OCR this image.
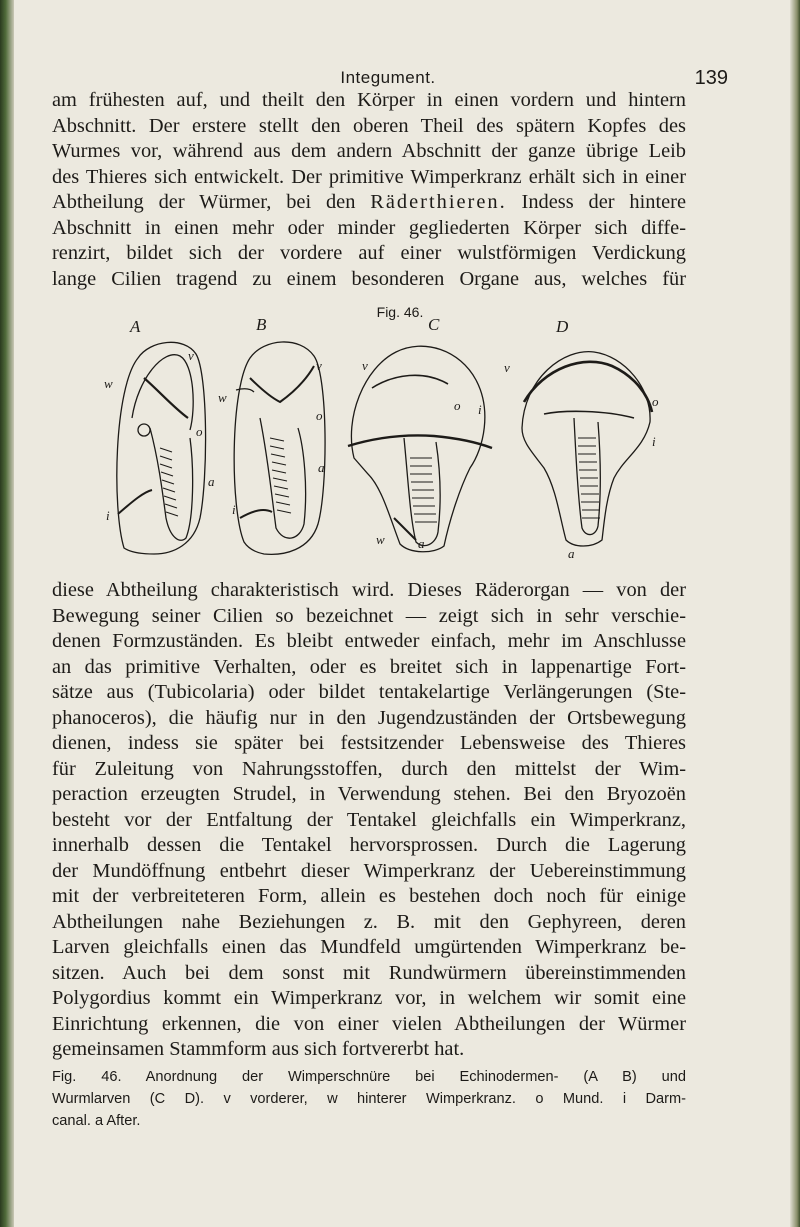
Integument.	139

am frühesten auf, und theilt den Körper in einen vordern und hintern
Abschnitt. Der erstere stellt den oberen Theil des spätern Kopfes des
Wurmes vor, während aus dem andern Abschnitt der ganze übrige Leib
des Thieres sich entwickelt. Der primitive Wimperkranz erhält sich in einer
Abtheilung der Würmer, bei den Räderthieren. Indess der hintere
Abschnitt in einen mehr oder minder gegliederten Körper sich diffe-
renzirt, bildet sich der vordere auf einer wulstförmigen Verdickung
lange Cilien tragend zu einem besonderen Organe aus, welches für

Fig. 46.
A	B	C	D
v
w
o
a
i
w
v
o
a
i
v
o i
w	a
v
o
i
a

diese Abtheilung charakteristisch wird. Dieses Räderorgan — von der
Bewegung seiner Cilien so bezeichnet — zeigt sich in sehr verschie-
denen Formzuständen. Es bleibt entweder einfach, mehr im Anschlusse
an das primitive Verhalten, oder es breitet sich in lappenartige Fort-
sätze aus (Tubicolaria) oder bildet tentakelartige Verlängerungen (Ste-
phanoceros), die häufig nur in den Jugendzuständen der Ortsbewegung
dienen, indess sie später bei festsitzender Lebensweise des Thieres
für Zuleitung von Nahrungsstoffen, durch den mittelst der Wim-
peraction erzeugten Strudel, in Verwendung stehen. Bei den Bryozoën
besteht vor der Entfaltung der Tentakel gleichfalls ein Wimperkranz,
innerhalb dessen die Tentakel hervorsprossen. Durch die Lagerung
der Mundöffnung entbehrt dieser Wimperkranz der Uebereinstimmung
mit der verbreiteteren Form, allein es bestehen doch noch für einige
Abtheilungen nahe Beziehungen z. B. mit den Gephyreen, deren
Larven gleichfalls einen das Mundfeld umgürtenden Wimperkranz be-
sitzen. Auch bei dem sonst mit Rundwürmern übereinstimmenden
Polygordius kommt ein Wimperkranz vor, in welchem wir somit eine
Einrichtung erkennen, die von einer vielen Abtheilungen der Würmer
gemeinsamen Stammform aus sich fortvererbt hat.

Fig. 46. Anordnung der Wimperschnüre bei Echinodermen- (A B) und
Wurmlarven (C D). v vorderer, w hinterer Wimperkranz. o Mund. i Darm-
canal. a After.
